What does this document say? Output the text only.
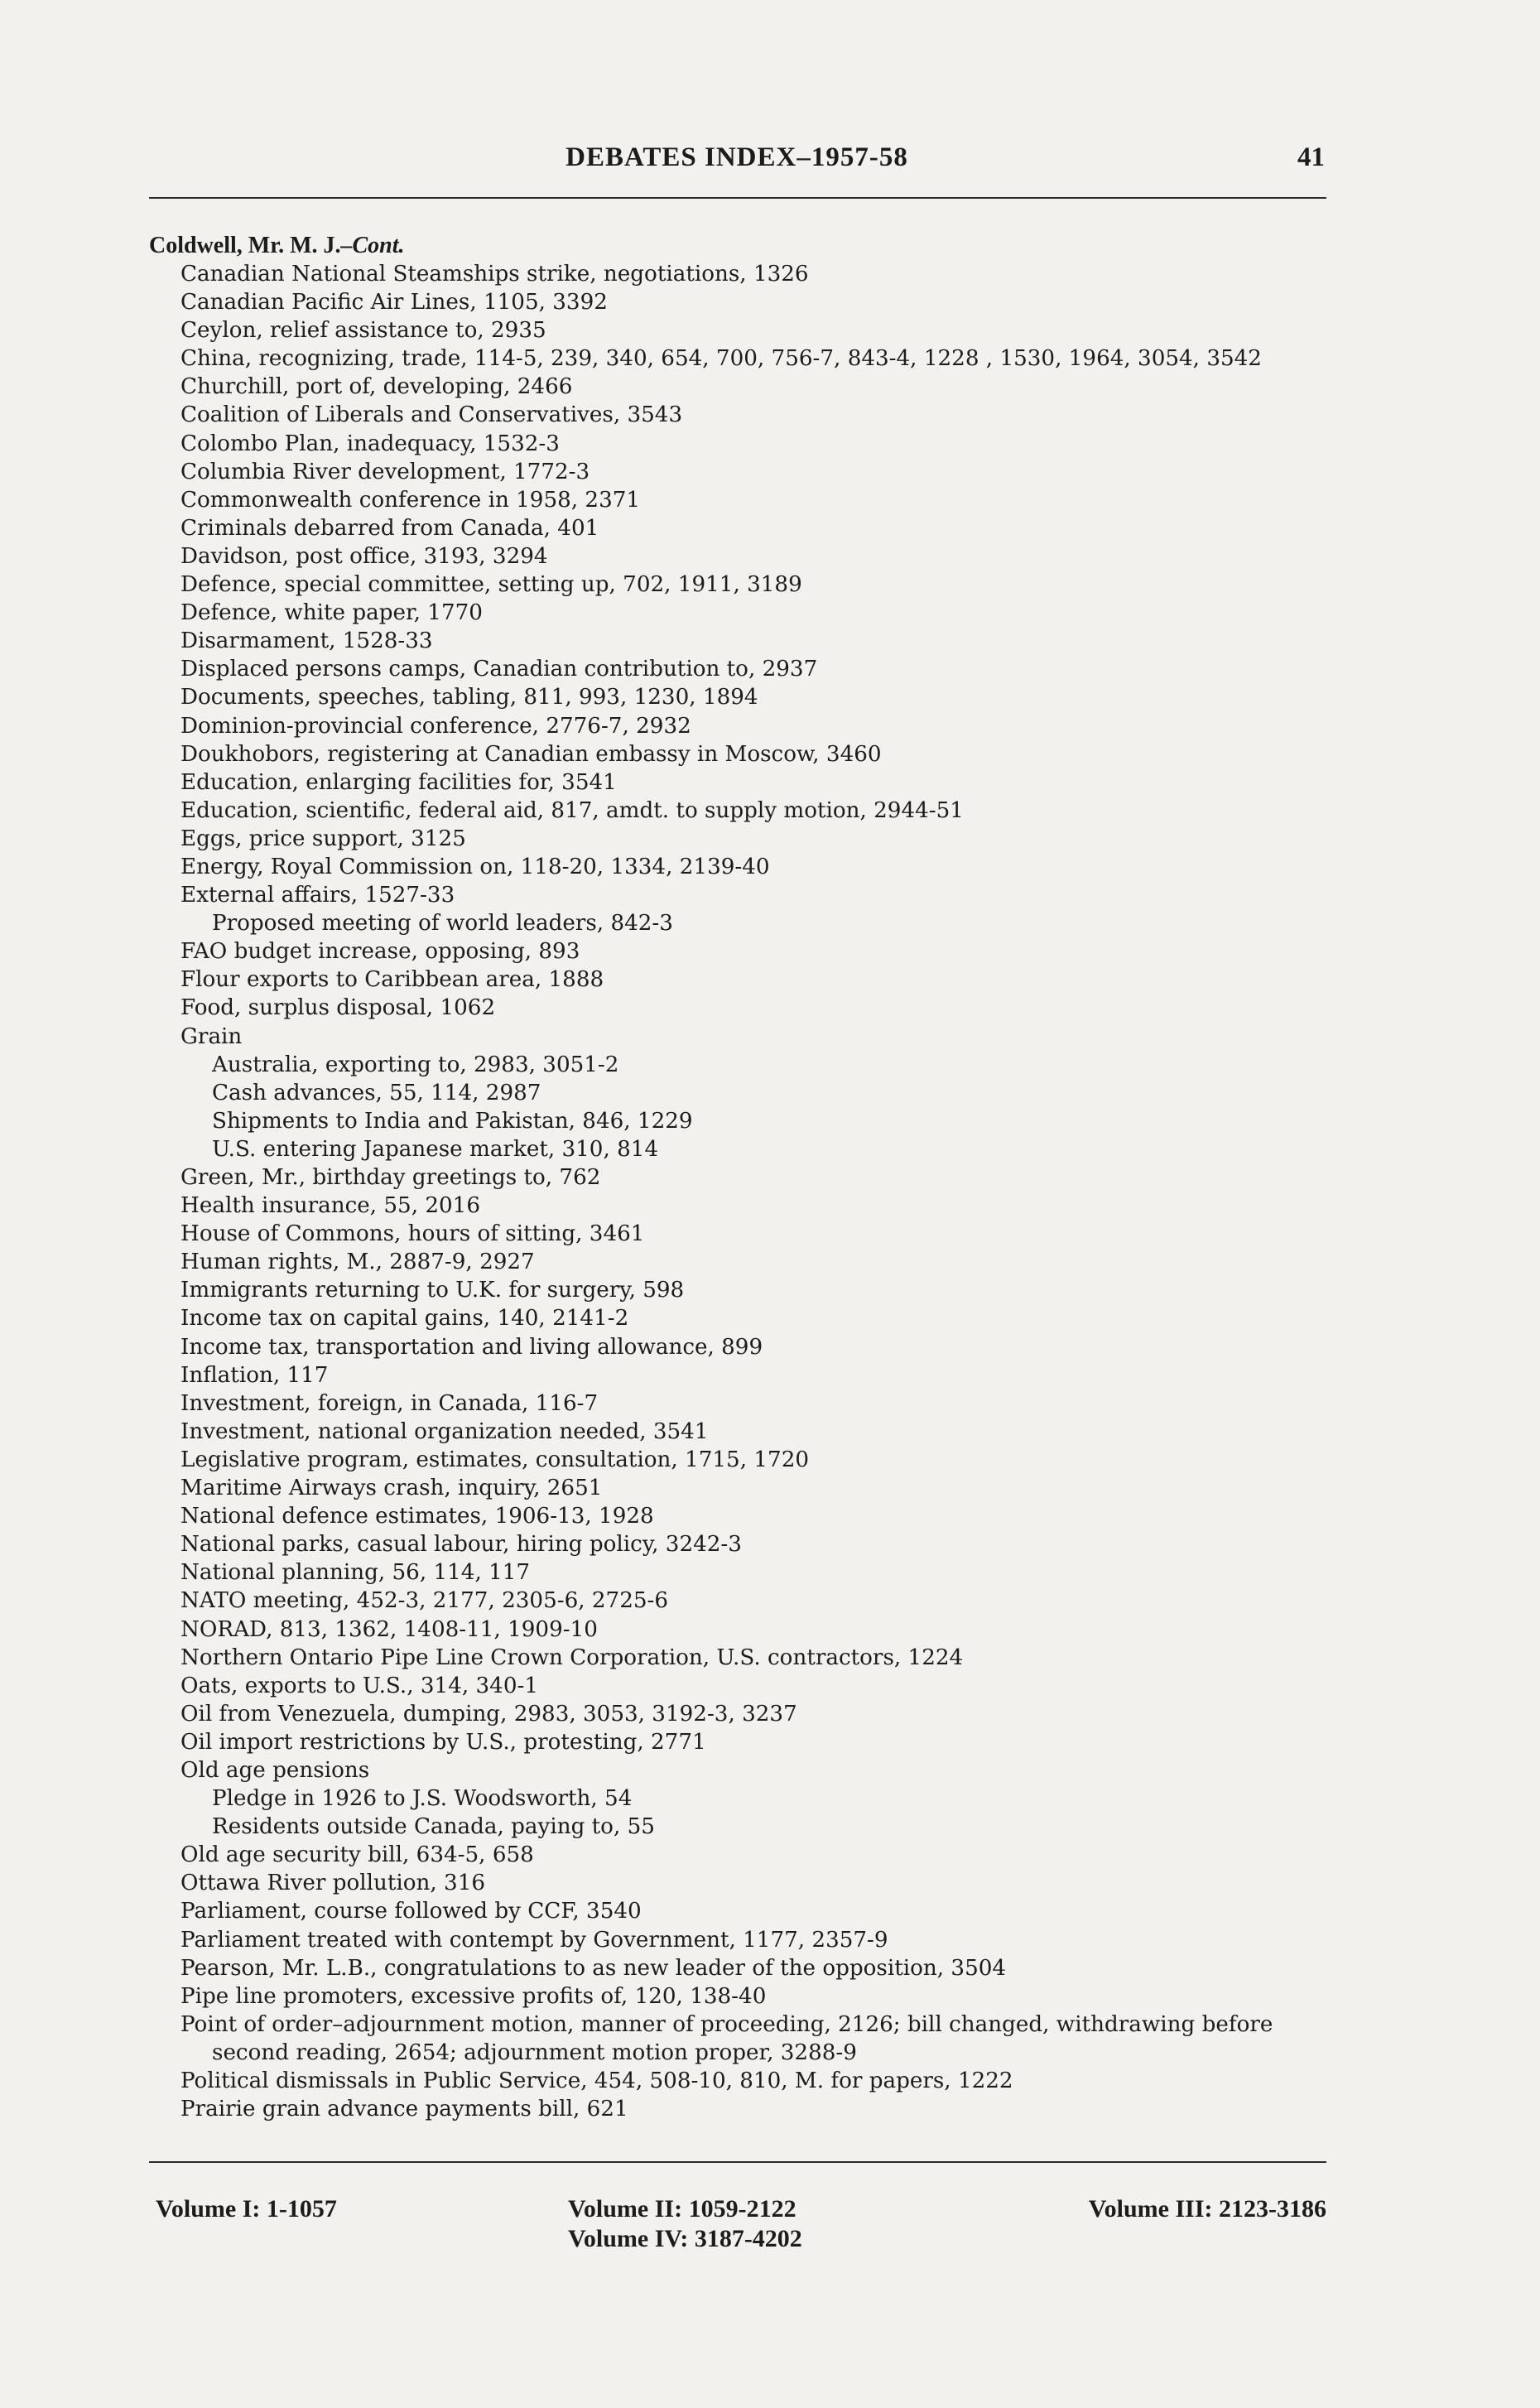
DEBATES INDEX–1957-58	41
Coldwell, Mr. M. J.–Cont.
Canadian National Steamships strike, negotiations, 1326
Canadian Pacific Air Lines, 1105, 3392
Ceylon, relief assistance to, 2935
China, recognizing, trade, 114-5, 239, 340, 654, 700, 756-7, 843-4, 1228 , 1530, 1964, 3054, 3542
Churchill, port of, developing, 2466
Coalition of Liberals and Conservatives, 3543
Colombo Plan, inadequacy, 1532-3
Columbia River development, 1772-3
Commonwealth conference in 1958, 2371
Criminals debarred from Canada, 401
Davidson, post office, 3193, 3294
Defence, special committee, setting up, 702, 1911, 3189
Defence, white paper, 1770
Disarmament, 1528-33
Displaced persons camps, Canadian contribution to, 2937
Documents, speeches, tabling, 811, 993, 1230, 1894
Dominion-provincial conference, 2776-7, 2932
Doukhobors, registering at Canadian embassy in Moscow, 3460
Education, enlarging facilities for, 3541
Education, scientific, federal aid, 817, amdt. to supply motion, 2944-51
Eggs, price support, 3125
Energy, Royal Commission on, 118-20, 1334, 2139-40
External affairs, 1527-33
Proposed meeting of world leaders, 842-3
FAO budget increase, opposing, 893
Flour exports to Caribbean area, 1888
Food, surplus disposal, 1062
Grain
Australia, exporting to, 2983, 3051-2
Cash advances, 55, 114, 2987
Shipments to India and Pakistan, 846, 1229
U.S. entering Japanese market, 310, 814
Green, Mr., birthday greetings to, 762
Health insurance, 55, 2016
House of Commons, hours of sitting, 3461
Human rights, M., 2887-9, 2927
Immigrants returning to U.K. for surgery, 598
Income tax on capital gains, 140, 2141-2
Income tax, transportation and living allowance, 899
Inflation, 117
Investment, foreign, in Canada, 116-7
Investment, national organization needed, 3541
Legislative program, estimates, consultation, 1715, 1720
Maritime Airways crash, inquiry, 2651
National defence estimates, 1906-13, 1928
National parks, casual labour, hiring policy, 3242-3
National planning, 56, 114, 117
NATO meeting, 452-3, 2177, 2305-6, 2725-6
NORAD, 813, 1362, 1408-11, 1909-10
Northern Ontario Pipe Line Crown Corporation, U.S. contractors, 1224
Oats, exports to U.S., 314, 340-1
Oil from Venezuela, dumping, 2983, 3053, 3192-3, 3237
Oil import restrictions by U.S., protesting, 2771
Old age pensions
Pledge in 1926 to J.S. Woodsworth, 54
Residents outside Canada, paying to, 55
Old age security bill, 634-5, 658
Ottawa River pollution, 316
Parliament, course followed by CCF, 3540
Parliament treated with contempt by Government, 1177, 2357-9
Pearson, Mr. L.B., congratulations to as new leader of the opposition, 3504
Pipe line promoters, excessive profits of, 120, 138-40
Point of order–adjournment motion, manner of proceeding, 2126; bill changed, withdrawing before second reading, 2654; adjournment motion proper, 3288-9
Political dismissals in Public Service, 454, 508-10, 810, M. for papers, 1222
Prairie grain advance payments bill, 621
Volume I: 1-1057	Volume II: 1059-2122
Volume IV: 3187-4202
Volume III: 2123-3186
